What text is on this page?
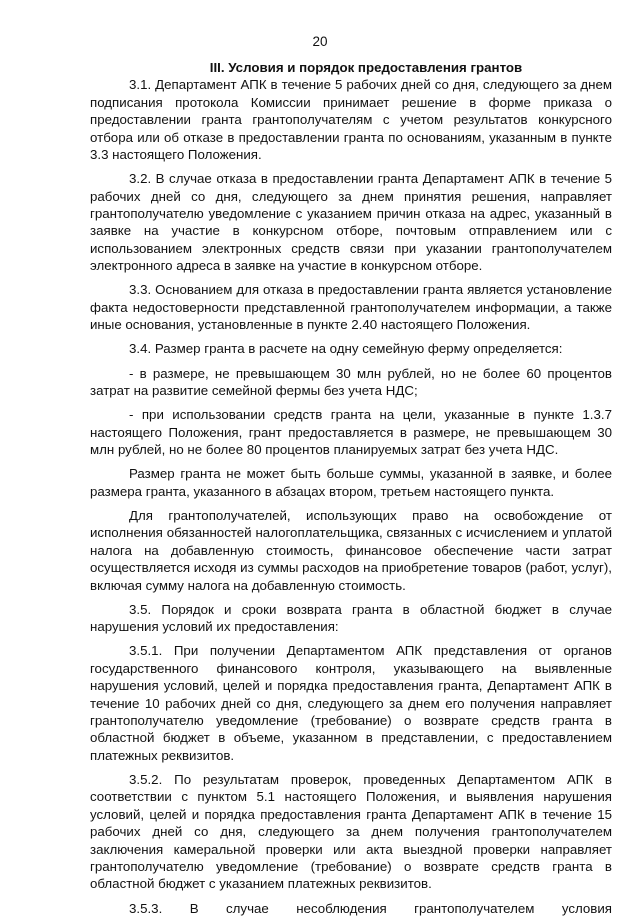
20

III. Условия и порядок предоставления грантов

3.1. Департамент АПК в течение 5 рабочих дней со дня, следующего за днем подписания протокола Комиссии принимает решение в форме приказа о предоставлении гранта грантополучателям с учетом результатов конкурсного отбора или об отказе в предоставлении гранта по основаниям, указанным в пункте 3.3 настоящего Положения.

3.2. В случае отказа в предоставлении гранта Департамент АПК в течение 5 рабочих дней со дня, следующего за днем принятия решения, направляет грантополучателю уведомление с указанием причин отказа на адрес, указанный в заявке на участие в конкурсном отборе, почтовым отправлением или с использованием электронных средств связи при указании грантополучателем электронного адреса в заявке на участие в конкурсном отборе.

3.3. Основанием для отказа в предоставлении гранта является установление факта недостоверности представленной грантополучателем информации, а также иные основания, установленные в пункте 2.40 настоящего Положения.

3.4. Размер гранта в расчете на одну семейную ферму определяется:

- в размере, не превышающем 30 млн рублей, но не более 60 процентов затрат на развитие семейной фермы без учета НДС;

- при использовании средств гранта на цели, указанные в пункте 1.3.7 настоящего Положения, грант предоставляется в размере, не превышающем 30 млн рублей, но не более 80 процентов планируемых затрат без учета НДС.

Размер гранта не может быть больше суммы, указанной в заявке, и более размера гранта, указанного в абзацах втором, третьем настоящего пункта.

Для грантополучателей, использующих право на освобождение от исполнения обязанностей налогоплательщика, связанных с исчислением и уплатой налога на добавленную стоимость, финансовое обеспечение части затрат осуществляется исходя из суммы расходов на приобретение товаров (работ, услуг), включая сумму налога на добавленную стоимость.

3.5. Порядок и сроки возврата гранта в областной бюджет в случае нарушения условий их предоставления:

3.5.1. При получении Департаментом АПК представления от органов государственного финансового контроля, указывающего на выявленные нарушения условий, целей и порядка предоставления гранта, Департамент АПК в течение 10 рабочих дней со дня, следующего за днем его получения направляет грантополучателю уведомление (требование) о возврате средств гранта в областной бюджет в объеме, указанном в представлении, с предоставлением платежных реквизитов.

3.5.2. По результатам проверок, проведенных Департаментом АПК в соответствии с пунктом 5.1 настоящего Положения, и выявления нарушения условий, целей и порядка предоставления гранта Департамент АПК в течение 15 рабочих дней со дня, следующего за днем получения грантополучателем заключения камеральной проверки или акта выездной проверки направляет грантополучателю уведомление (требование) о возврате средств гранта в областной бюджет с указанием платежных реквизитов.

3.5.3. В случае несоблюдения грантополучателем условия
